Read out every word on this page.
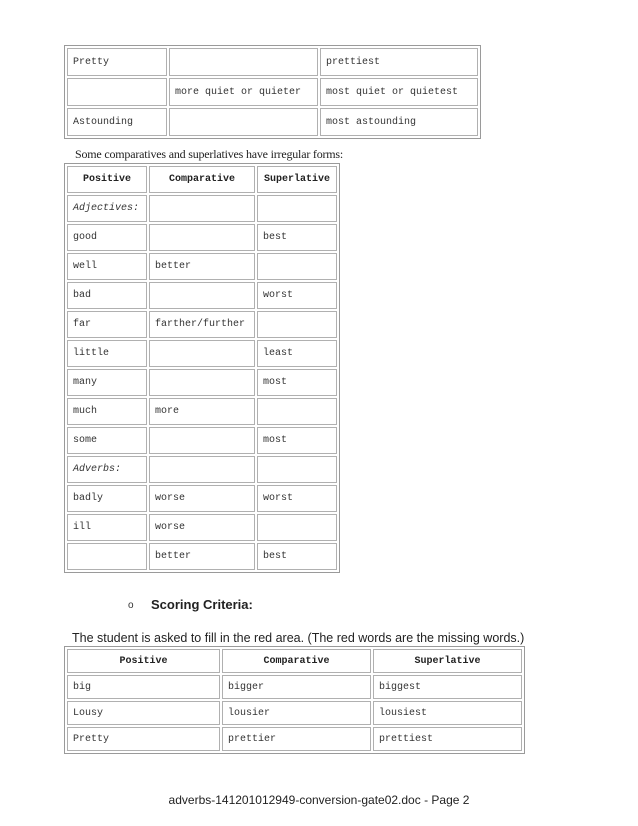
Pretty		prettiest
	more quiet or quieter	most quiet or quietest
Astounding		most astounding
Some comparatives and superlatives have irregular forms:
Positive	Comparative	Superlative
Adjectives:		
good		best
well	better	
bad		worst
far	farther/further	
little		least
many		most
much	more	
some		most
Adverbs:		
badly	worse	worst
ill	worse	
	better	best
o Scoring Criteria:
The student is asked to fill in the red area. (The red words are the missing words.)
Positive	Comparative	Superlative
big	bigger	biggest
Lousy	lousier	lousiest
Pretty	prettier	prettiest
adverbs-141201012949-conversion-gate02.doc - Page 2
